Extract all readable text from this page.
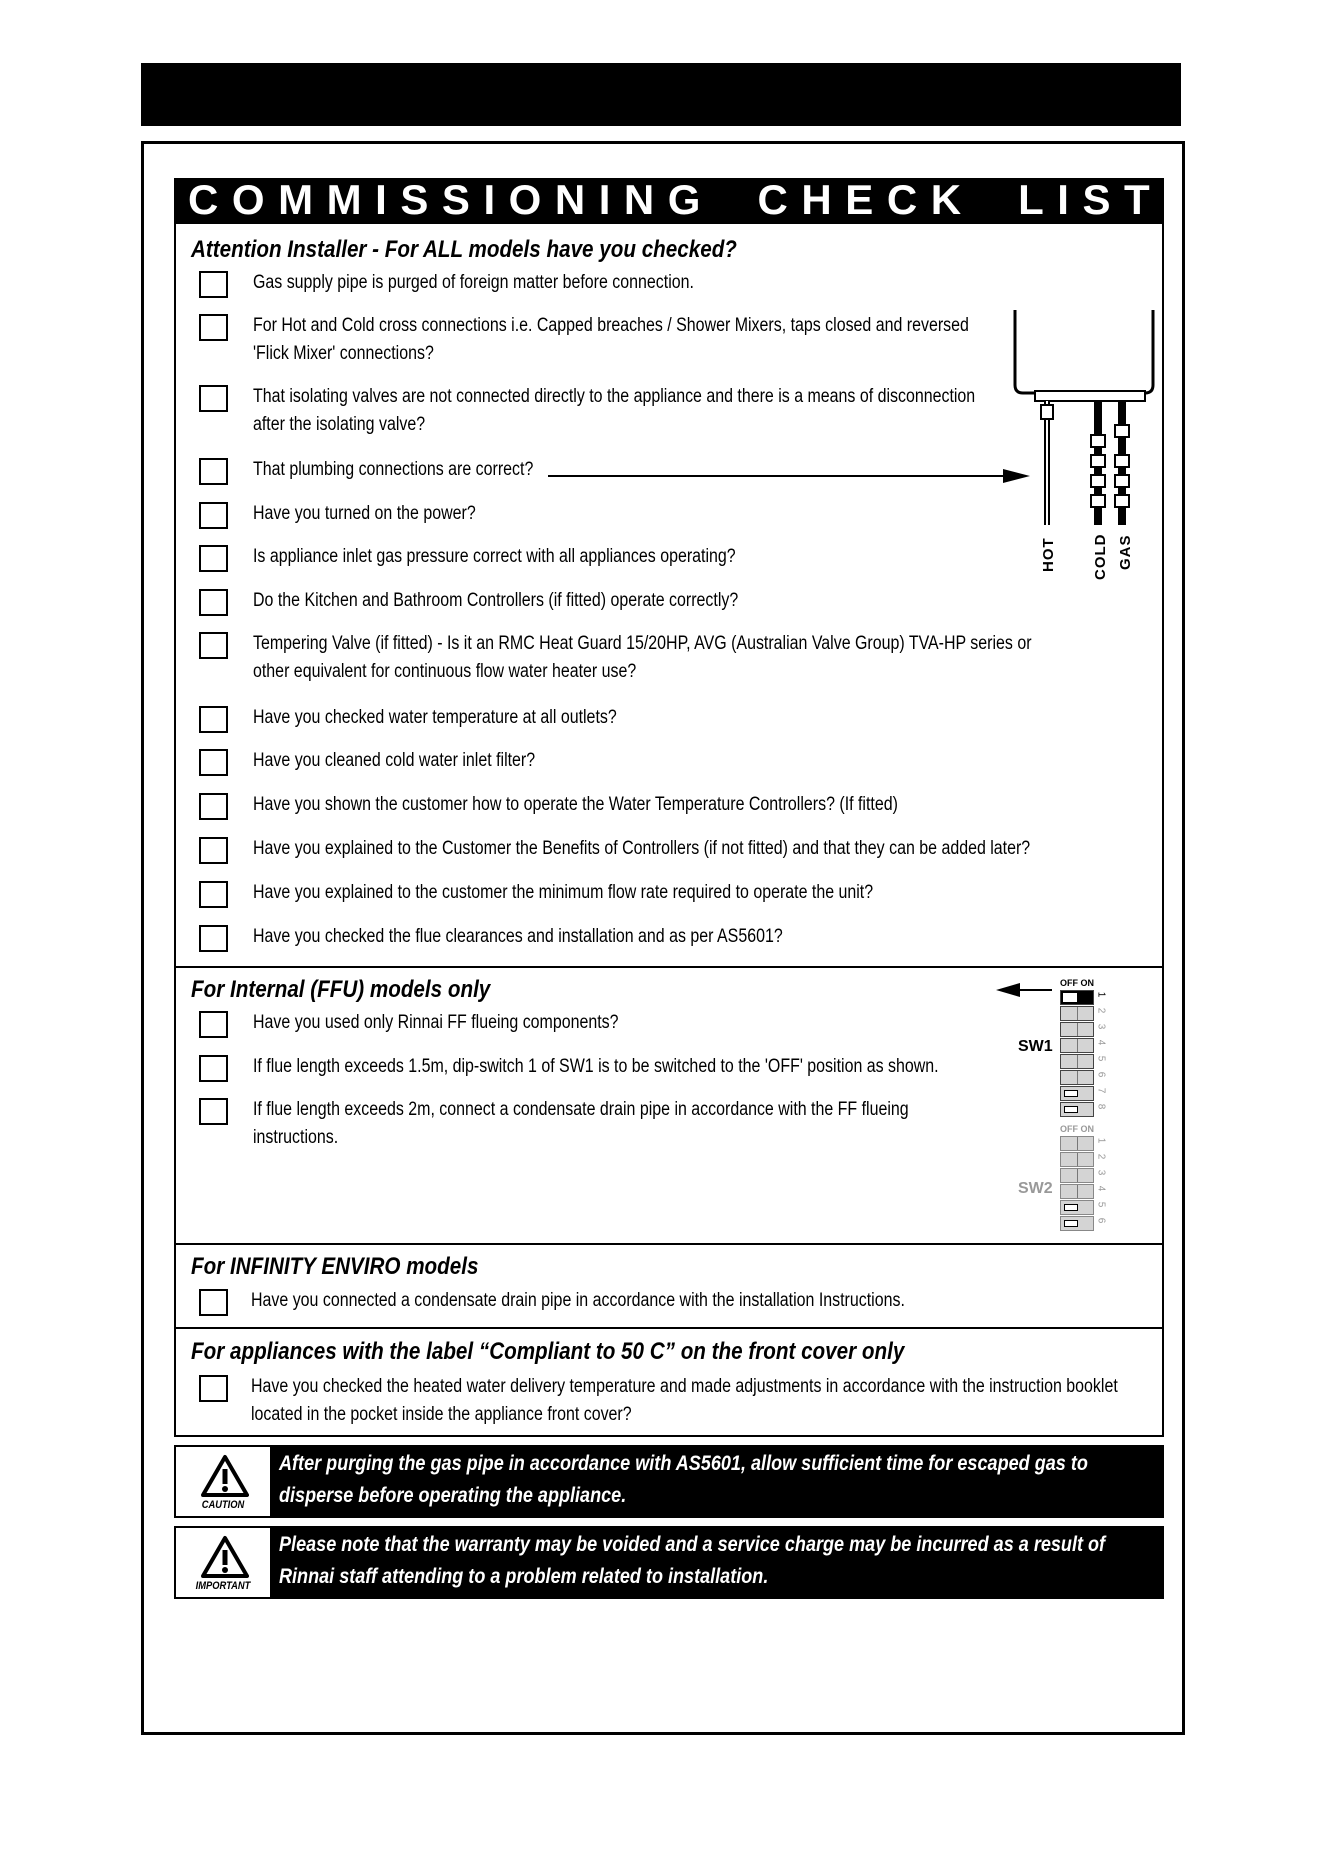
C O M M I S S I O N I N G C H E C K L I S T
Attention Installer - For ALL models have you checked?
Gas supply pipe is purged of foreign matter before connection.
For Hot and Cold cross connections i.e. Capped breaches / Shower Mixers, taps closed and reversed
'Flick Mixer' connections?
That isolating valves are not connected directly to the appliance and there is a means of disconnection
after the isolating valve?
That plumbing connections are correct?
Have you turned on the power?
Is appliance inlet gas pressure correct with all appliances operating?
Do the Kitchen and Bathroom Controllers (if fitted) operate correctly?
Tempering Valve (if fitted) - Is it an RMC Heat Guard 15/20HP, AVG (Australian Valve Group) TVA-HP series or
other equivalent for continuous flow water heater use?
Have you checked water temperature at all outlets?
Have you cleaned cold water inlet filter?
Have you shown the customer how to operate the Water Temperature Controllers? (If fitted)
Have you explained to the Customer the Benefits of Controllers (if not fitted) and that they can be added later?
Have you explained to the customer the minimum flow rate required to operate the unit?
Have you checked the flue clearances and installation and as per AS5601?
For Internal (FFU) models only
Have you used only Rinnai FF flueing components?
If flue length exceeds 1.5m, dip-switch 1 of SW1 is to be switched to the 'OFF' position as shown.
If flue length exceeds 2m, connect a condensate drain pipe in accordance with the FF flueing
instructions.
For INFINITY ENVIRO models
Have you connected a condensate drain pipe in accordance with the installation Instructions.
For appliances with the label “Compliant to 50 C” on the front cover only
Have you checked the heated water delivery temperature and made adjustments in accordance with the instruction booklet
located in the pocket inside the appliance front cover?
HOT COLD GAS
OFF ON
SW1
1
2
3
4
5
6
7
8
OFF ON
SW2
1
2
3
4
5
6
CAUTION
After purging the gas pipe in accordance with AS5601, allow sufficient time for escaped gas to
disperse before operating the appliance.
IMPORTANT
Please note that the warranty may be voided and a service charge may be incurred as a result of
Rinnai staff attending to a problem related to installation.
